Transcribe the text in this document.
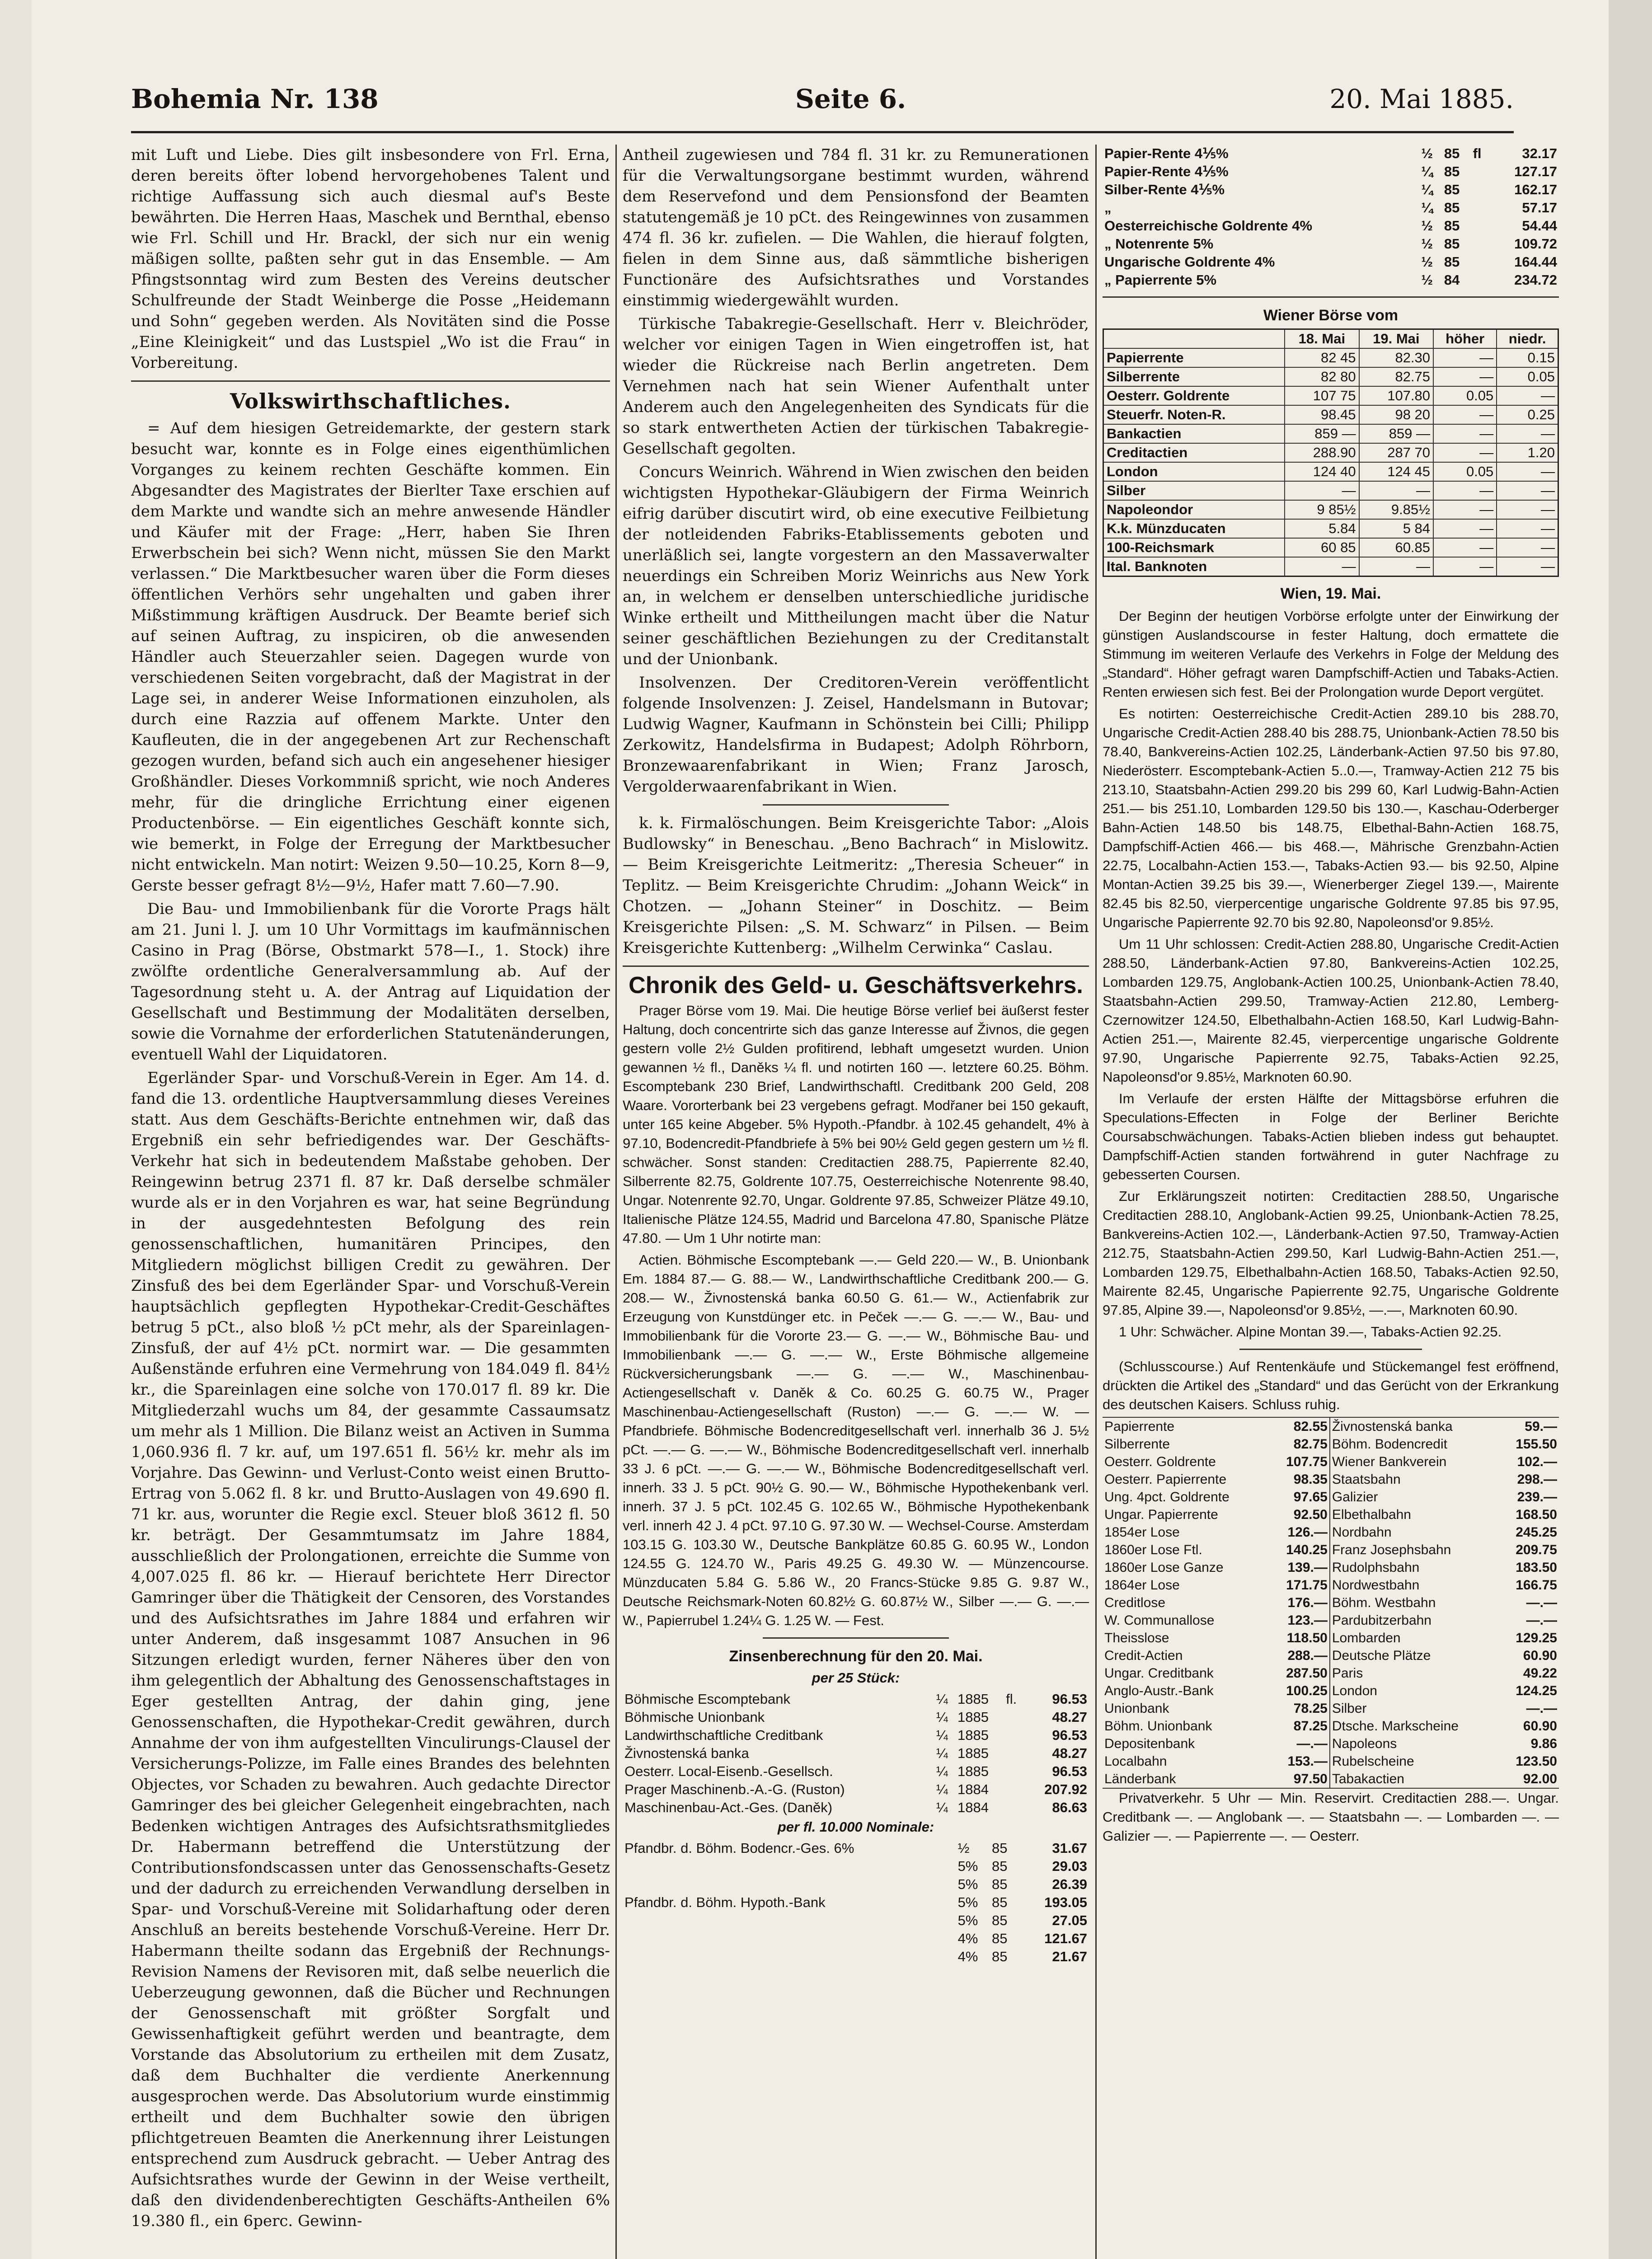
Bohemia Nr. 138	Seite 6.	20. Mai 1885.

mit Luft und Liebe. Dies gilt insbesondere von Frl. Erna, deren bereits öfter lobend hervorgehobenes Talent und richtige Auffassung sich auch diesmal auf's Beste bewährten. Die Herren Haas, Maschek und Bernthal, ebenso wie Frl. Schill und Hr. Brackl, der sich nur ein wenig mäßigen sollte, paßten sehr gut in das Ensemble. — Am Pfingstsonntag wird zum Besten des Vereins deutscher Schulfreunde der Stadt Weinberge die Posse „Heidemann und Sohn“ gegeben werden. Als Novitäten sind die Posse „Eine Kleinigkeit“ und das Lustspiel „Wo ist die Frau“ in Vorbereitung.

Volkswirthschaftliches.

= Auf dem hiesigen Getreidemarkte, der gestern stark besucht war, konnte es in Folge eines eigenthümlichen Vorganges zu keinem rechten Geschäfte kommen. Ein Abgesandter des Magistrates der Bierlter Taxe erschien auf dem Markte und wandte sich an mehre anwesende Händler und Käufer mit der Frage: „Herr, haben Sie Ihren Erwerbschein bei sich? Wenn nicht, müssen Sie den Markt verlassen.“ Die Marktbesucher waren über die Form dieses öffentlichen Verhörs sehr ungehalten und gaben ihrer Mißstimmung kräftigen Ausdruck. Der Beamte berief sich auf seinen Auftrag, zu inspiciren, ob die anwesenden Händler auch Steuerzahler seien. Dagegen wurde von verschiedenen Seiten vorgebracht, daß der Magistrat in der Lage sei, in anderer Weise Informationen einzuholen, als durch eine Razzia auf offenem Markte. Unter den Kaufleuten, die in der angegebenen Art zur Rechenschaft gezogen wurden, befand sich auch ein angesehener hiesiger Großhändler. Dieses Vorkommniß spricht, wie noch Anderes mehr, für die dringliche Errichtung einer eigenen Productenbörse. — Ein eigentliches Geschäft konnte sich, wie bemerkt, in Folge der Erregung der Marktbesucher nicht entwickeln. Man notirt: Weizen 9.50—10.25, Korn 8—9, Gerste besser gefragt 8½—9½, Hafer matt 7.60—7.90.

Die Bau- und Immobilienbank für die Vororte Prags hält am 21. Juni l. J. um 10 Uhr Vormittags im kaufmännischen Casino in Prag (Börse, Obstmarkt 578—I., 1. Stock) ihre zwölfte ordentliche Generalversammlung ab. Auf der Tagesordnung steht u. A. der Antrag auf Liquidation der Gesellschaft und Bestimmung der Modalitäten derselben, sowie die Vornahme der erforderlichen Statutenänderungen, eventuell Wahl der Liquidatoren.

Egerländer Spar- und Vorschuß-Verein in Eger. Am 14. d. fand die 13. ordentliche Hauptversammlung dieses Vereines statt. Aus dem Geschäfts-Berichte entnehmen wir, daß das Ergebniß ein sehr befriedigendes war. Der Geschäfts-Verkehr hat sich in bedeutendem Maßstabe gehoben. Der Reingewinn betrug 2371 fl. 87 kr. Daß derselbe schmäler wurde als er in den Vorjahren es war, hat seine Begründung in der ausgedehntesten Befolgung des rein genossenschaftlichen, humanitären Principes, den Mitgliedern möglichst billigen Credit zu gewähren. Der Zinsfuß des bei dem Egerländer Spar- und Vorschuß-Verein hauptsächlich gepflegten Hypothekar-Credit-Geschäftes betrug 5 pCt., also bloß ½ pCt mehr, als der Spareinlagen-Zinsfuß, der auf 4½ pCt. normirt war. — Die gesammten Außenstände erfuhren eine Vermehrung von 184.049 fl. 84½ kr., die Spareinlagen eine solche von 170.017 fl. 89 kr. Die Mitgliederzahl wuchs um 84, der gesammte Cassaumsatz um mehr als 1 Million. Die Bilanz weist an Activen in Summa 1,060.936 fl. 7 kr. auf, um 197.651 fl. 56½ kr. mehr als im Vorjahre. Das Gewinn- und Verlust-Conto weist einen Brutto-Ertrag von 5.062 fl. 8 kr. und Brutto-Auslagen von 49.690 fl. 71 kr. aus, worunter die Regie excl. Steuer bloß 3612 fl. 50 kr. beträgt. Der Gesammtumsatz im Jahre 1884, ausschließlich der Prolongationen, erreichte die Summe von 4,007.025 fl. 86 kr. — Hierauf berichtete Herr Director Gamringer über die Thätigkeit der Censoren, des Vorstandes und des Aufsichtsrathes im Jahre 1884 und erfahren wir unter Anderem, daß insgesammt 1087 Ansuchen in 96 Sitzungen erledigt wurden, ferner Näheres über den von ihm gelegentlich der Abhaltung des Genossenschaftstages in Eger gestellten Antrag, der dahin ging, jene Genossenschaften, die Hypothekar-Credit gewähren, durch Annahme der von ihm aufgestellten Vinculirungs-Clausel der Versicherungs-Polizze, im Falle eines Brandes des belehnten Objectes, vor Schaden zu bewahren. Auch gedachte Director Gamringer des bei gleicher Gelegenheit eingebrachten, nach Bedenken wichtigen Antrages des Aufsichtsrathsmitgliedes Dr. Habermann betreffend die Unterstützung der Contributionsfondscassen unter das Genossenschafts-Gesetz und der dadurch zu erreichenden Verwandlung derselben in Spar- und Vorschuß-Vereine mit Solidarhaftung oder deren Anschluß an bereits bestehende Vorschuß-Vereine. Herr Dr. Habermann theilte sodann das Ergebniß der Rechnungs-Revision Namens der Revisoren mit, daß selbe neuerlich die Ueberzeugung gewonnen, daß die Bücher und Rechnungen der Genossenschaft mit größter Sorgfalt und Gewissenhaftigkeit geführt werden und beantragte, dem Vorstande das Absolutorium zu ertheilen mit dem Zusatz, daß dem Buchhalter die verdiente Anerkennung ausgesprochen werde. Das Absolutorium wurde einstimmig ertheilt und dem Buchhalter sowie den übrigen pflichtgetreuen Beamten die Anerkennung ihrer Leistungen entsprechend zum Ausdruck gebracht. — Ueber Antrag des Aufsichtsrathes wurde der Gewinn in der Weise vertheilt, daß den dividendenberechtigten Geschäfts-Antheilen 6% 19.380 fl., ein 6perc. Gewinn-

Antheil zugewiesen und 784 fl. 31 kr. zu Remunerationen für die Verwaltungsorgane bestimmt wurden, während dem Reservefond und dem Pensionsfond der Beamten statutengemäß je 10 pCt. des Reingewinnes von zusammen 474 fl. 36 kr. zufielen. — Die Wahlen, die hierauf folgten, fielen in dem Sinne aus, daß sämmtliche bisherigen Functionäre des Aufsichtsrathes und Vorstandes einstimmig wiedergewählt wurden.

Türkische Tabakregie-Gesellschaft. Herr v. Bleichröder, welcher vor einigen Tagen in Wien eingetroffen ist, hat wieder die Rückreise nach Berlin angetreten. Dem Vernehmen nach hat sein Wiener Aufenthalt unter Anderem auch den Angelegenheiten des Syndicats für die so stark entwertheten Actien der türkischen Tabakregie-Gesellschaft gegolten.

Concurs Weinrich. Während in Wien zwischen den beiden wichtigsten Hypothekar-Gläubigern der Firma Weinrich eifrig darüber discutirt wird, ob eine executive Feilbietung der notleidenden Fabriks-Etablissements geboten und unerläßlich sei, langte vorgestern an den Massaverwalter neuerdings ein Schreiben Moriz Weinrichs aus New York an, in welchem er denselben unterschiedliche juridische Winke ertheilt und Mittheilungen macht über die Natur seiner geschäftlichen Beziehungen zu der Creditanstalt und der Unionbank.

Insolvenzen. Der Creditoren-Verein veröffentlicht folgende Insolvenzen: J. Zeisel, Handelsmann in Butovar; Ludwig Wagner, Kaufmann in Schönstein bei Cilli; Philipp Zerkowitz, Handelsfirma in Budapest; Adolph Röhrborn, Bronzewaarenfabrikant in Wien; Franz Jarosch, Vergolderwaarenfabrikant in Wien.

k. k. Firmalöschungen. Beim Kreisgerichte Tabor: „Alois Budlowsky“ in Beneschau. „Beno Bachrach“ in Mislowitz. — Beim Kreisgerichte Leitmeritz: „Theresia Scheuer“ in Teplitz. — Beim Kreisgerichte Chrudim: „Johann Weick“ in Chotzen. — „Johann Steiner“ in Doschitz. — Beim Kreisgerichte Pilsen: „S. M. Schwarz“ in Pilsen. — Beim Kreisgerichte Kuttenberg: „Wilhelm Cerwinka“ Caslau.

Chronik des Geld- u. Geschäftsverkehrs.

Prager Börse vom 19. Mai. Die heutige Börse verlief bei äußerst fester Haltung, doch concentrirte sich das ganze Interesse auf Živnos, die gegen gestern volle 2½ Gulden profitirend, lebhaft umgesetzt wurden. Union gewannen ½ fl., Daněks ¼ fl. und notirten 160 —. letztere 60.25. Böhm. Escomptebank 230 Brief, Landwirthschaftl. Creditbank 200 Geld, 208 Waare. Vororterbank bei 23 vergebens gefragt. Modřaner bei 150 gekauft, unter 165 keine Abgeber. 5% Hypoth.-Pfandbr. à 102.45 gehandelt, 4% à 97.10, Bodencredit-Pfandbriefe à 5% bei 90½ Geld gegen gestern um ½ fl. schwächer. Sonst standen: Creditactien 288.75, Papierrente 82.40, Silberrente 82.75, Goldrente 107.75, Oesterreichische Notenrente 98.40, Ungar. Notenrente 92.70, Ungar. Goldrente 97.85, Schweizer Plätze 49.10, Italienische Plätze 124.55, Madrid und Barcelona 47.80, Spanische Plätze 47.80. — Um 1 Uhr notirte man:

Actien. Böhmische Escomptebank —.— Geld 220.— W., B. Unionbank Em. 1884 87.— G. 88.— W., Landwirthschaftliche Creditbank 200.— G. 208.— W., Živnostenská banka 60.50 G. 61.— W., Actienfabrik zur Erzeugung von Kunstdünger etc. in Peček —.— G. —.— W., Bau- und Immobilienbank für die Vororte 23.— G. —.— W., Böhmische Bau- und Immobilienbank —.— G. —.— W., Erste Böhmische allgemeine Rückversicherungsbank —.— G. —.— W., Maschinenbau-Actiengesellschaft v. Daněk & Co. 60.25 G. 60.75 W., Prager Maschinenbau-Actiengesellschaft (Ruston) —.— G. —.— W. — Pfandbriefe. Böhmische Bodencreditgesellschaft verl. innerhalb 36 J. 5½ pCt. —.— G. —.— W., Böhmische Bodencreditgesellschaft verl. innerhalb 33 J. 6 pCt. —.— G. —.— W., Böhmische Bodencreditgesellschaft verl. innerh. 33 J. 5 pCt. 90½ G. 90.— W., Böhmische Hypothekenbank verl. innerh. 37 J. 5 pCt. 102.45 G. 102.65 W., Böhmische Hypothekenbank verl. innerh 42 J. 4 pCt. 97.10 G. 97.30 W. — Wechsel-Course. Amsterdam 103.15 G. 103.30 W., Deutsche Bankplätze 60.85 G. 60.95 W., London 124.55 G. 124.70 W., Paris 49.25 G. 49.30 W. — Münzencourse. Münzducaten 5.84 G. 5.86 W., 20 Francs-Stücke 9.85 G. 9.87 W., Deutsche Reichsmark-Noten 60.82½ G. 60.87½ W., Silber —.— G. —.— W., Papierrubel 1.24¼ G. 1.25 W. — Fest.

Zinsenberechnung für den 20. Mai.
per 25 Stück:
Böhmische Escomptebank	¼	1885	fl.	96.53
Böhmische Unionbank	¼	1885		48.27
Landwirthschaftliche Creditbank	¼	1885		96.53
Živnostenská banka	¼	1885		48.27
Oesterr. Local-Eisenb.-Gesellsch.	¼	1885		96.53
Prager Maschinenb.-A.-G. (Ruston)	¼	1884		207.92
Maschinenbau-Act.-Ges. (Daněk)	¼	1884		86.63
per fl. 10.000 Nominale:
Pfandbr. d. Böhm. Bodencr.-Ges. 6%	½	85		31.67
	5%	85		29.03
	5%	85		26.39
Pfandbr. d. Böhm. Hypoth.-Bank	5%	85		193.05
	5%	85		27.05
	4%	85		121.67
	4%	85		21.67
Papier-Rente 4⅕%	½	85	fl	32.17
Papier-Rente 4⅕%	¼	85		127.17
Silber-Rente 4⅕%	¼	85		162.17
„	¼	85		57.17
Oesterreichische Goldrente 4%	½	85		54.44
„ Notenrente 5%	½	85		109.72
Ungarische Goldrente 4%	½	85		164.44
„ Papierrente 5%	½	84		234.72
Wiener Börse vom
	18. Mai	19. Mai	höher	niedr.
Papierrente	82 45	82.30	—	0.15
Silberrente	82 80	82.75	—	0.05
Oesterr. Goldrente	107 75	107.80	0.05	—
Steuerfr. Noten-R.	98.45	98 20	—	0.25
Bankactien	859 —	859 —	—	—
Creditactien	288.90	287 70	—	1.20
London	124 40	124 45	0.05	—
Silber	—	—	—	—
Napoleondor	9 85½	9.85½	—	—
K.k. Münzducaten	5.84	5 84	—	—
100-Reichsmark	60 85	60.85	—	—
Ital. Banknoten	—	—	—	—
Wien, 19. Mai.

Der Beginn der heutigen Vorbörse erfolgte unter der Einwirkung der günstigen Auslandscourse in fester Haltung, doch ermattete die Stimmung im weiteren Verlaufe des Verkehrs in Folge der Meldung des „Standard“. Höher gefragt waren Dampfschiff-Actien und Tabaks-Actien. Renten erwiesen sich fest. Bei der Prolongation wurde Deport vergütet.

Es notirten: Oesterreichische Credit-Actien 289.10 bis 288.70, Ungarische Credit-Actien 288.40 bis 288.75, Unionbank-Actien 78.50 bis 78.40, Bankvereins-Actien 102.25, Länderbank-Actien 97.50 bis 97.80, Niederösterr. Escomptebank-Actien 5..0.—, Tramway-Actien 212 75 bis 213.10, Staatsbahn-Actien 299.20 bis 299 60, Karl Ludwig-Bahn-Actien 251.— bis 251.10, Lombarden 129.50 bis 130.—, Kaschau-Oderberger Bahn-Actien 148.50 bis 148.75, Elbethal-Bahn-Actien 168.75, Dampfschiff-Actien 466.— bis 468.—, Mährische Grenzbahn-Actien 22.75, Localbahn-Actien 153.—, Tabaks-Actien 93.— bis 92.50, Alpine Montan-Actien 39.25 bis 39.—, Wienerberger Ziegel 139.—, Mairente 82.45 bis 82.50, vierpercentige ungarische Goldrente 97.85 bis 97.95, Ungarische Papierrente 92.70 bis 92.80, Napoleonsd'or 9.85½.

Um 11 Uhr schlossen: Credit-Actien 288.80, Ungarische Credit-Actien 288.50, Länderbank-Actien 97.80, Bankvereins-Actien 102.25, Lombarden 129.75, Anglobank-Actien 100.25, Unionbank-Actien 78.40, Staatsbahn-Actien 299.50, Tramway-Actien 212.80, Lemberg-Czernowitzer 124.50, Elbethalbahn-Actien 168.50, Karl Ludwig-Bahn-Actien 251.—, Mairente 82.45, vierpercentige ungarische Goldrente 97.90, Ungarische Papierrente 92.75, Tabaks-Actien 92.25, Napoleonsd'or 9.85½, Marknoten 60.90.

Im Verlaufe der ersten Hälfte der Mittagsbörse erfuhren die Speculations-Effecten in Folge der Berliner Berichte Coursabschwächungen. Tabaks-Actien blieben indess gut behauptet. Dampfschiff-Actien standen fortwährend in guter Nachfrage zu gebesserten Coursen.

Zur Erklärungszeit notirten: Creditactien 288.50, Ungarische Creditactien 288.10, Anglobank-Actien 99.25, Unionbank-Actien 78.25, Bankvereins-Actien 102.—, Länderbank-Actien 97.50, Tramway-Actien 212.75, Staatsbahn-Actien 299.50, Karl Ludwig-Bahn-Actien 251.—, Lombarden 129.75, Elbethalbahn-Actien 168.50, Tabaks-Actien 92.50, Mairente 82.45, Ungarische Papierrente 92.75, Ungarische Goldrente 97.85, Alpine 39.—, Napoleonsd'or 9.85½, —.—, Marknoten 60.90.

1 Uhr: Schwächer. Alpine Montan 39.—, Tabaks-Actien 92.25.

(Schlusscourse.) Auf Rentenkäufe und Stückemangel fest eröffnend, drückten die Artikel des „Standard“ und das Gerücht von der Erkrankung des deutschen Kaisers. Schluss ruhig.

Papierrente	82.55	Živnostenská banka	59.—
Silberrente	82.75	Böhm. Bodencredit	155.50
Oesterr. Goldrente	107.75	Wiener Bankverein	102.—
Oesterr. Papierrente	98.35	Staatsbahn	298.—
Ung. 4pct. Goldrente	97.65	Galizier	239.—
Ungar. Papierrente	92.50	Elbethalbahn	168.50
1854er Lose	126.—	Nordbahn	245.25
1860er Lose Ftl.	140.25	Franz Josephsbahn	209.75
1860er Lose Ganze	139.—	Rudolphsbahn	183.50
1864er Lose	171.75	Nordwestbahn	166.75
Creditlose	176.—	Böhm. Westbahn	—.—
W. Communallose	123.—	Pardubitzerbahn	—.—
Theisslose	118.50	Lombarden	129.25
Credit-Actien	288.—	Deutsche Plätze	60.90
Ungar. Creditbank	287.50	Paris	49.22
Anglo-Austr.-Bank	100.25	London	124.25
Unionbank	78.25	Silber	—.—
Böhm. Unionbank	87.25	Dtsche. Markscheine	60.90
Depositenbank	—.—	Napoleons	9.86
Localbahn	153.—	Rubelscheine	123.50
Länderbank	97.50	Tabakactien	92.00

Privatverkehr. 5 Uhr — Min. Reservirt. Creditactien 288.—. Ungar. Creditbank —. — Anglobank —. — Staatsbahn —. — Lombarden —. — Galizier —. — Papierrente —. — Oesterr.
